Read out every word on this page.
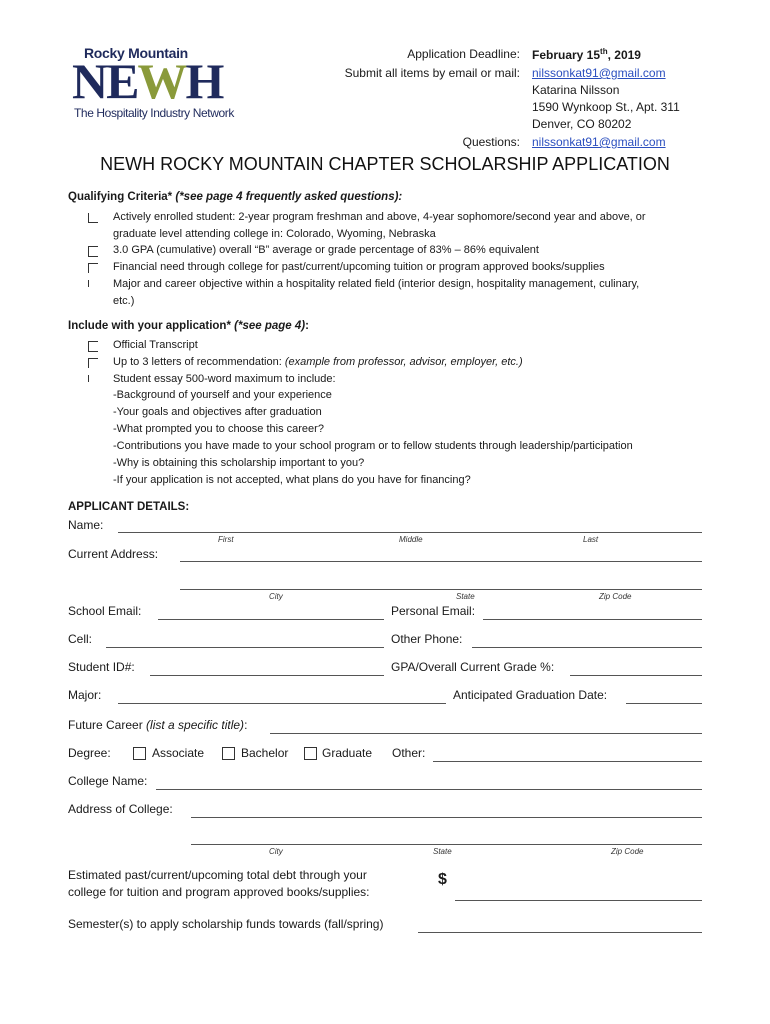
Rocky Mountain
NEWH
The Hospitality Industry Network
Application Deadline: February 15th, 2019
Submit all items by email or mail: nilssonkat91@gmail.com
Katarina Nilsson
1590 Wynkoop St., Apt. 311
Denver, CO 80202
Questions: nilssonkat91@gmail.com
NEWH ROCKY MOUNTAIN CHAPTER SCHOLARSHIP APPLICATION
Qualifying Criteria* (*see page 4 frequently asked questions):
Actively enrolled student: 2-year program freshman and above, 4-year sophomore/second year and above, or
graduate level attending college in: Colorado, Wyoming, Nebraska
3.0 GPA (cumulative) overall “B” average or grade percentage of 83% – 86% equivalent
Financial need through college for past/current/upcoming tuition or program approved books/supplies
Major and career objective within a hospitality related field (interior design, hospitality management, culinary,
etc.)
Include with your application* (*see page 4):
Official Transcript
Up to 3 letters of recommendation: (example from professor, advisor, employer, etc.)
Student essay 500-word maximum to include:
-Background of yourself and your experience
-Your goals and objectives after graduation
-What prompted you to choose this career?
-Contributions you have made to your school program or to fellow students through leadership/participation
-Why is obtaining this scholarship important to you?
-If your application is not accepted, what plans do you have for financing?
APPLICANT DETAILS:
Name:
First	Middle	Last
Current Address:
City	State	Zip Code
School Email:	Personal Email:
Cell:	Other Phone:
Student ID#:	GPA/Overall Current Grade %:
Major:	Anticipated Graduation Date:
Future Career (list a specific title):
Degree:	Associate	Bachelor	Graduate Other:
College Name:
Address of College:
City	State	Zip Code
Estimated past/current/upcoming total debt through your
college for tuition and program approved books/supplies:
$
Semester(s) to apply scholarship funds towards (fall/spring)
